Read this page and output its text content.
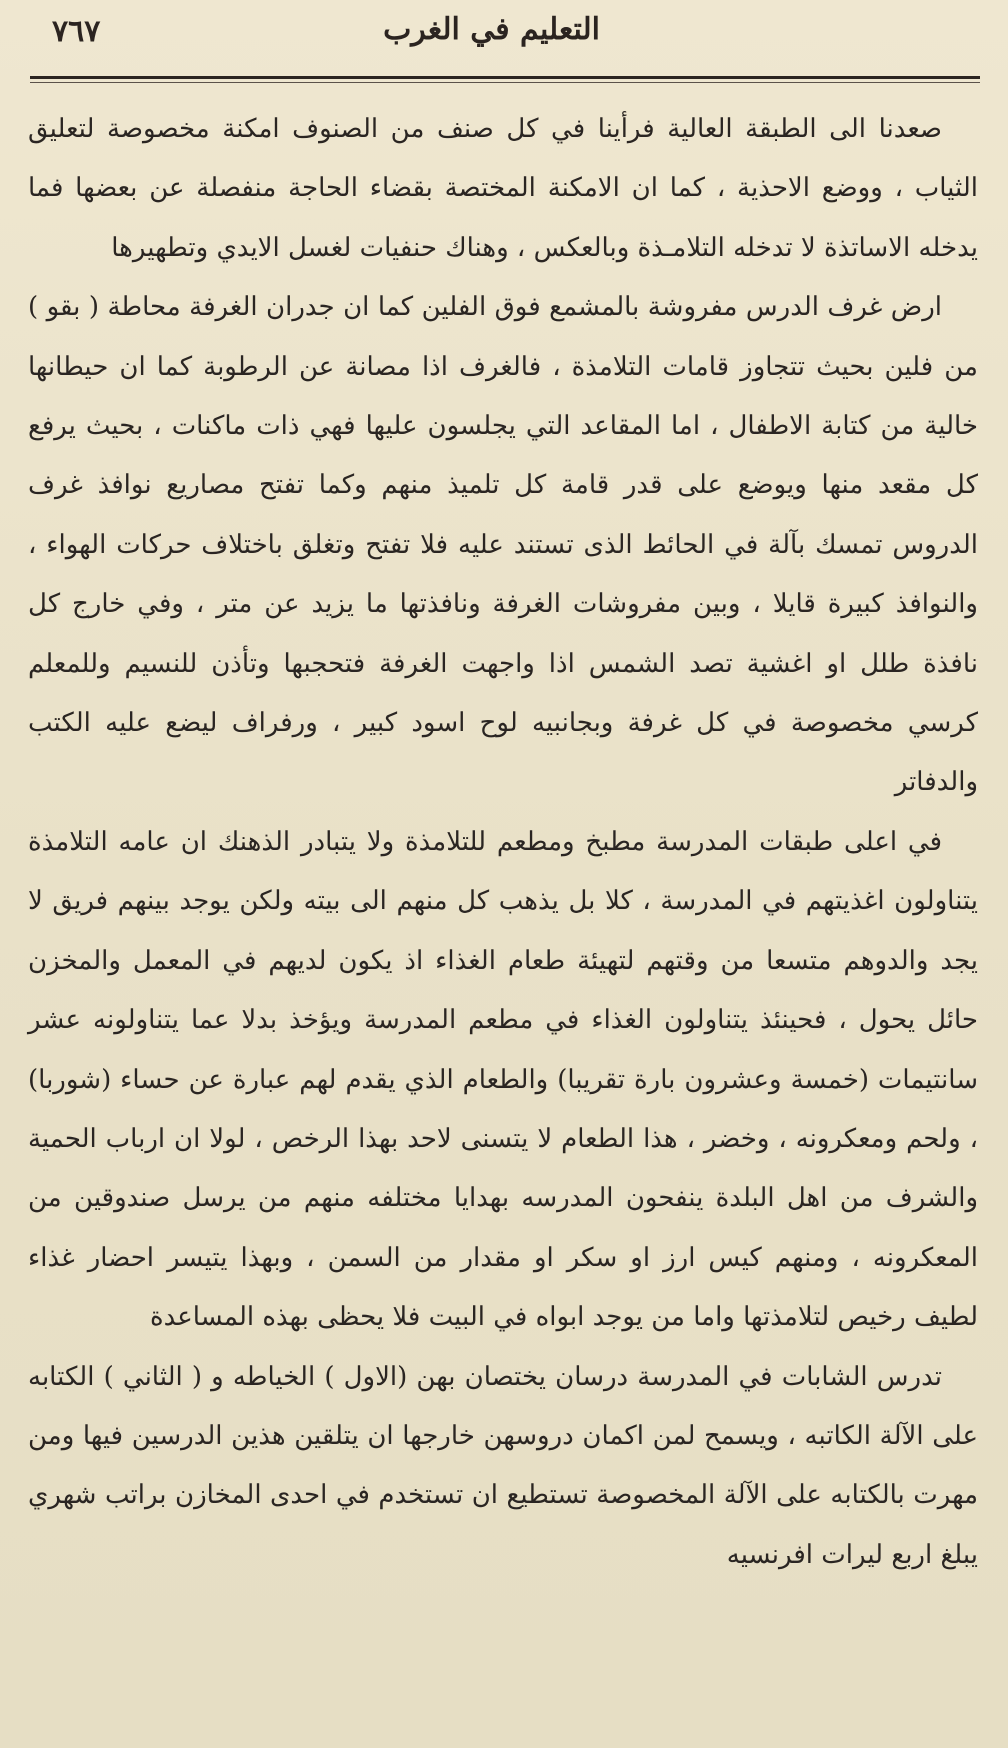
التعليم في الغرب
٧٦٧

صعدنا الى الطبقة العالية فرأينا في كل صنف من الصنوف امكنة مخصوصة لتعليق الثياب ، ووضع الاحذية ، كما ان الامكنة المختصة بقضاء الحاجة منفصلة عن بعضها فما يدخله الاساتذة لا تدخله التلامـذة وبالعكس ، وهناك حنفيات لغسل الايدي وتطهيرها

ارض غرف الدرس مفروشة بالمشمع فوق الفلين كما ان جدران الغرفة محاطة ( بقو ) من فلين بحيث تتجاوز قامات التلامذة ، فالغرف اذا مصانة عن الرطوبة كما ان حيطانها خالية من كتابة الاطفال ، اما المقاعد التي يجلسون عليها فهي ذات ماكنات ، بحيث يرفع كل مقعد منها ويوضع على قدر قامة كل تلميذ منهم وكما تفتح مصاريع نوافذ غرف الدروس تمسك بآلة في الحائط الذى تستند عليه فلا تفتح وتغلق باختلاف حركات الهواء ، والنوافذ كبيرة قايلا ، وبين مفروشات الغرفة ونافذتها ما يزيد عن متر ، وفي خارج كل نافذة طلل او اغشية تصد الشمس اذا واجهت الغرفة فتحجبها وتأذن للنسيم وللمعلم كرسي مخصوصة في كل غرفة وبجانبيه لوح اسود كبير ، ورفراف ليضع عليه الكتب والدفاتر

في اعلى طبقات المدرسة مطبخ ومطعم للتلامذة ولا يتبادر الذهنك ان عامه التلامذة يتناولون اغذيتهم في المدرسة ، كلا بل يذهب كل منهم الى بيته ولكن يوجد بينهم فريق لا يجد والدوهم متسعا من وقتهم لتهيئة طعام الغذاء اذ يكون لديهم في المعمل والمخزن حائل يحول ، فحينئذ يتناولون الغذاء في مطعم المدرسة ويؤخذ بدلا عما يتناولونه عشر سانتيمات (خمسة وعشرون بارة تقريبا) والطعام الذي يقدم لهم عبارة عن حساء (شوربا) ، ولحم ومعكرونه ، وخضر ، هذا الطعام لا يتسنى لاحد بهذا الرخص ، لولا ان ارباب الحمية والشرف من اهل البلدة ينفحون المدرسه بهدايا مختلفه منهم من يرسل صندوقين من المعكرونه ، ومنهم كيس ارز او سكر او مقدار من السمن ، وبهذا يتيسر احضار غذاء لطيف رخيص لتلامذتها واما من يوجد ابواه في البيت فلا يحظى بهذه المساعدة

تدرس الشابات في المدرسة درسان يختصان بهن (الاول ) الخياطه و ( الثاني ) الكتابه على الآلة الكاتبه ، ويسمح لمن اكمان دروسهن خارجها ان يتلقين هذين الدرسين فيها ومن مهرت بالكتابه على الآلة المخصوصة تستطيع ان تستخدم في احدى المخازن براتب شهري يبلغ اربع ليرات افرنسيه
